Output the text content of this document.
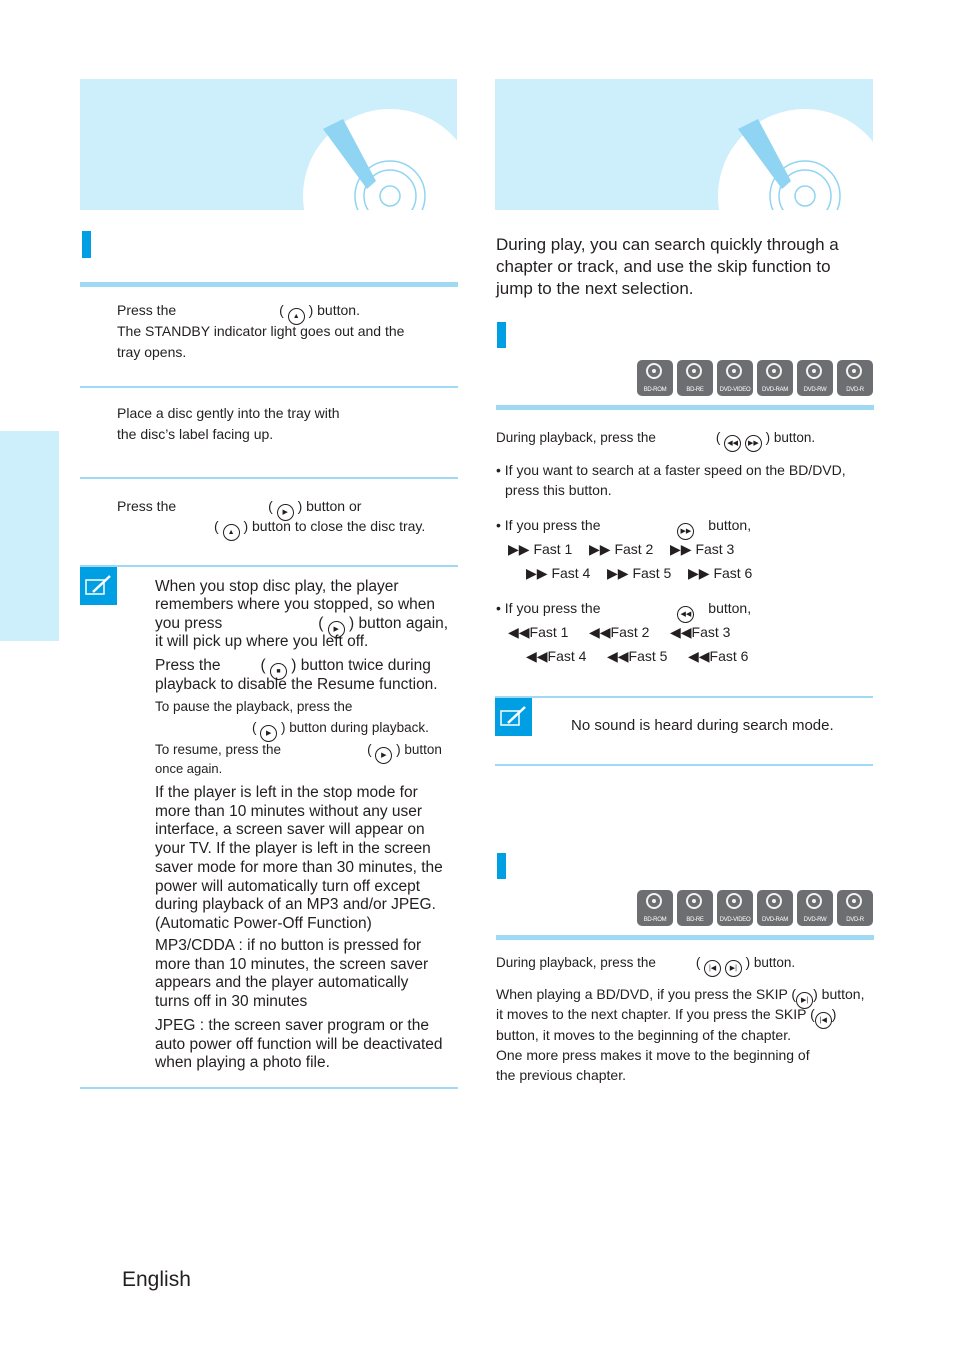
Press the	( ▲ ) button.
The STANDBY indicator light goes out and the
tray opens.
Place a disc gently into the tray with
the disc’s label facing up.
Press the	( ▶ ) button or
( ▲ ) button to close the disc tray.
When you stop disc play, the player
remembers where you stopped, so when
you press	( ▶ ) button again,
it will pick up where you left off.
Press the	( ■ ) button twice during
playback to disable the Resume function.
To pause the playback, press the
( ▶ ) button during playback.
To resume, press the	( ▶ ) button
once again.
If the player is left in the stop mode for
more than 10 minutes without any user
interface, a screen saver will appear on
your TV. If the player is left in the screen
saver mode for more than 30 minutes, the
power will automatically turn off except
during playback of an MP3 and/or JPEG.
(Automatic Power-Off Function)
MP3/CDDA : if no button is pressed for
more than 10 minutes, the screen saver
appears and the player automatically
turns off in 30 minutes
JPEG : the screen saver program or the
auto power off function will be deactivated
when playing a photo file.
During play, you can search quickly through a
chapter or track, and use the skip function to
jump to the next selection.
BD-ROM	BD-RE	DVD-VIDEO	DVD-RAM	DVD-RW	DVD-R
During playback, press the	( ◀◀ ▶▶ ) button.
• If you want to search at a faster speed on the BD/DVD,
press this button.
• If you press the	▶▶ button,
▶▶ Fast 1 ▶▶ Fast 2 ▶▶ Fast 3
▶▶ Fast 4 ▶▶ Fast 5 ▶▶ Fast 6
• If you press the	◀◀ button,
◀◀Fast 1 ◀◀Fast 2 ◀◀Fast 3
◀◀Fast 4 ◀◀Fast 5 ◀◀Fast 6
No sound is heard during search mode.
BD-ROM	BD-RE	DVD-VIDEO	DVD-RAM	DVD-RW	DVD-R
During playback, press the	( |◀ ▶| ) button.
When playing a BD/DVD, if you press the SKIP ( ▶| ) button,
it moves to the next chapter. If you press the SKIP ( |◀ )
button, it moves to the beginning of the chapter.
One more press makes it move to the beginning of
the previous chapter.
English
